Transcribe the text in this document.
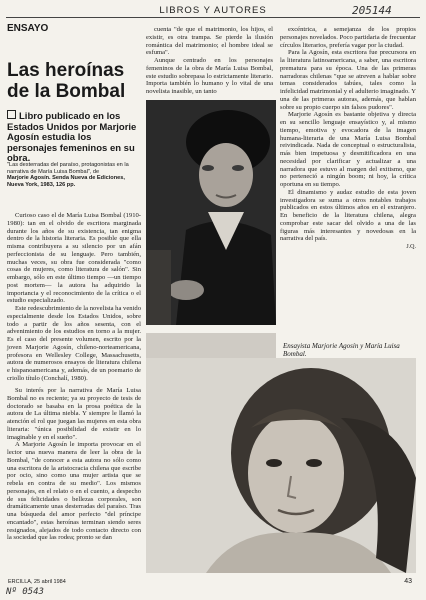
LIBROS Y AUTORES	205144
ENSAYO
Las heroínas de la Bombal
Libro publicado en los Estados Unidos por Marjorie Agosín estudia los personajes femeninos en su obra.
"Las desterradas del paraíso, protagonistas en la narrativa de María Luisa Bombal", de
Marjorie Agosín. Senda Nueva de Ediciones, Nueva York, 1983, 126 pp.

Curioso caso el de María Luisa Bombal (1910-1980): tan en el olvido de escritora marginada durante los años de su existencia, tan enigma dentro de la historia literaria. Es posible que ella misma contribuyera a su silencio por un afán perfeccionista de su lenguaje. Pero también, muchas veces, su obra fue considerada "como cosas de mujeres, como literatura de salón". Sin embargo, sólo en este último tiempo —un tiempo post mortem— la autora ha adquirido la importancia y el reconocimiento de la crítica o el estudio especializado.

Este redescubrimiento de la novelista ha venido especialmente desde los Estados Unidos, sobre todo a partir de los años sesenta, con el advenimiento de los estudios en torno a la mujer. Es el caso del presente volumen, escrito por la joven Marjorie Agosín, chileno-norteamericana, profesora en Wellesley College, Massachusetts, autora de numerosos ensayos de literatura chilena e hispanoamericana y, además, de un poemario de criollo título (Conchalí, 1980).

Su interés por la narrativa de María Luisa Bombal no es reciente; ya su proyecto de tesis de doctorado se basaba en la prosa poética de la autora de La última niebla. Y siempre le llamó la atención el rol que juegan las mujeres en esta obra literaria: "única posibilidad de existir en lo imaginable y en el sueño".

A Marjorie Agosín le importa provocar en el lector una nueva manera de leer la obra de la Bombal, "de conocer a esta autora no sólo como una escritora de la aristocracia chilena que escribe por ocio, sino como una mujer artista que se rebela en contra de su medio". Los mismos personajes, en el relato o en el cuento, a despecho de sus felicidades o bellezas corporales, son dramáticamente unas desterradas del paraíso. Tras una búsqueda del amor perfecto "del príncipe encantado", estas heroínas terminan siendo seres resignados, alejados de todo contacto directo con la sociedad que las rodea; pronto se dan

cuenta "de que el matrimonio, los hijos, el existir, es otra trampa. Se pierde la ilusión romántica del matrimonio; el hombre ideal se esfuma".

Aunque centrado en los personajes femeninos de la obra de María Luisa Bombal, este estudio sobrepasa lo estrictamente literario. Importa también lo humano y lo vital de una novelista inasible, un tanto

excéntrica, a semejanza de los propios personajes novelados. Poco partidaria de frecuentar círculos literarios, prefería vagar por la ciudad.

Para la Agosín, esta escritora fue precursora en la literatura latinoamericana, a saber, una escritora prematura para su época. Una de las primeras narradoras chilenas "que se atreven a hablar sobre temas considerados tabúes, tales como la infelicidad matrimonial y el adulterio imaginado. Y una de las primeras autoras, además, que hablan sobre su propio cuerpo sin falsos pudores".

Marjorie Agosín es bastante objetiva y directa en su sencillo lenguaje ensayístico y, al mismo tiempo, emotiva y evocadora de la imagen humana-literaria de una María Luisa Bombal reivindicada. Nada de conceptual o estructuralista, más bien impetuosa y desmitificadora en una necesidad por clarificar y actualizar a una narradora que estuvo al margen del exitismo, que no perteneció a ningún boom; ni hoy, la crítica oportuna en su tiempo.

El dinamismo y audaz estudio de esta joven investigadora se suma a otros notables trabajos publicados en estos últimos años en el extranjero. En beneficio de la literatura chilena, alegra comprobar este sacar del olvido a una de las figuras más interesantes y novedosas en la narrativa del país.

J.Q.
Ensayista Marjorie Agosín y María Luisa Bombal.
ERCILLA, 25 abril 1984	43
Nº 0543
